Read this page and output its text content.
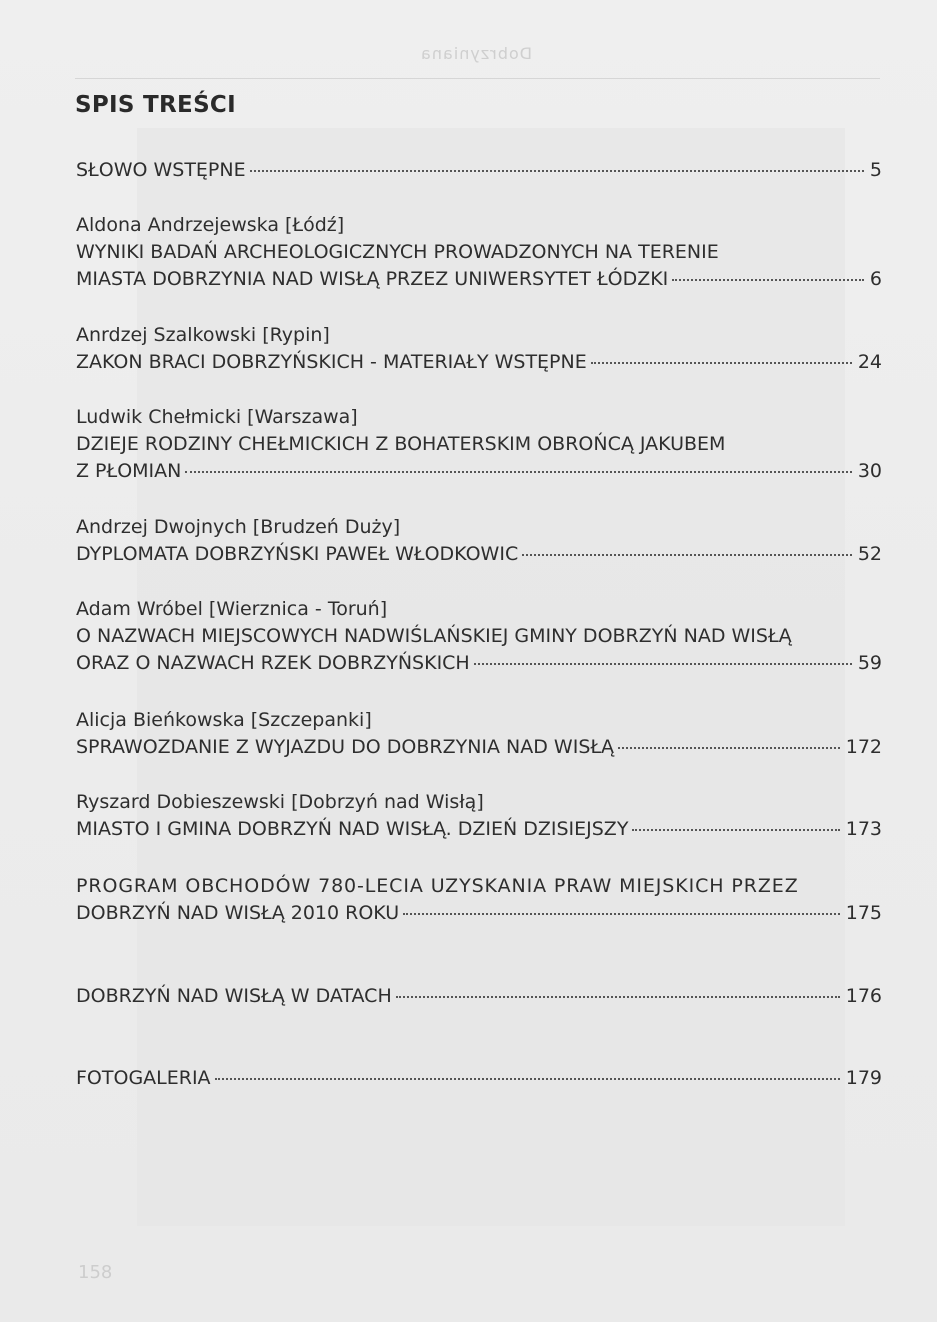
Dobrzyniana
SPIS TREŚCI
SŁOWO WSTĘPNE	5
Aldona Andrzejewska [Łódź]
WYNIKI BADAŃ ARCHEOLOGICZNYCH PROWADZONYCH NA TERENIE
MIASTA DOBRZYNIA NAD WISŁĄ PRZEZ UNIWERSYTET ŁÓDZKI	6
Anrdzej Szalkowski [Rypin]
ZAKON BRACI DOBRZYŃSKICH - MATERIAŁY WSTĘPNE	24
Ludwik Chełmicki [Warszawa]
DZIEJE RODZINY CHEŁMICKICH Z BOHATERSKIM OBROŃCĄ JAKUBEM
Z PŁOMIAN	30
Andrzej Dwojnych [Brudzeń Duży]
DYPLOMATA DOBRZYŃSKI PAWEŁ WŁODKOWIC	52
Adam Wróbel [Wierznica - Toruń]
O NAZWACH MIEJSCOWYCH NADWIŚLAŃSKIEJ GMINY DOBRZYŃ NAD WISŁĄ
ORAZ O NAZWACH RZEK DOBRZYŃSKICH	59
Alicja Bieńkowska [Szczepanki]
SPRAWOZDANIE Z WYJAZDU DO DOBRZYNIA NAD WISŁĄ	172
Ryszard Dobieszewski [Dobrzyń nad Wisłą]
MIASTO I GMINA DOBRZYŃ NAD WISŁĄ. DZIEŃ DZISIEJSZY	173
PROGRAM OBCHODÓW 780-LECIA UZYSKANIA PRAW MIEJSKICH PRZEZ
DOBRZYŃ NAD WISŁĄ 2010 ROKU	175
DOBRZYŃ NAD WISŁĄ W DATACH	176
FOTOGALERIA	179
158
